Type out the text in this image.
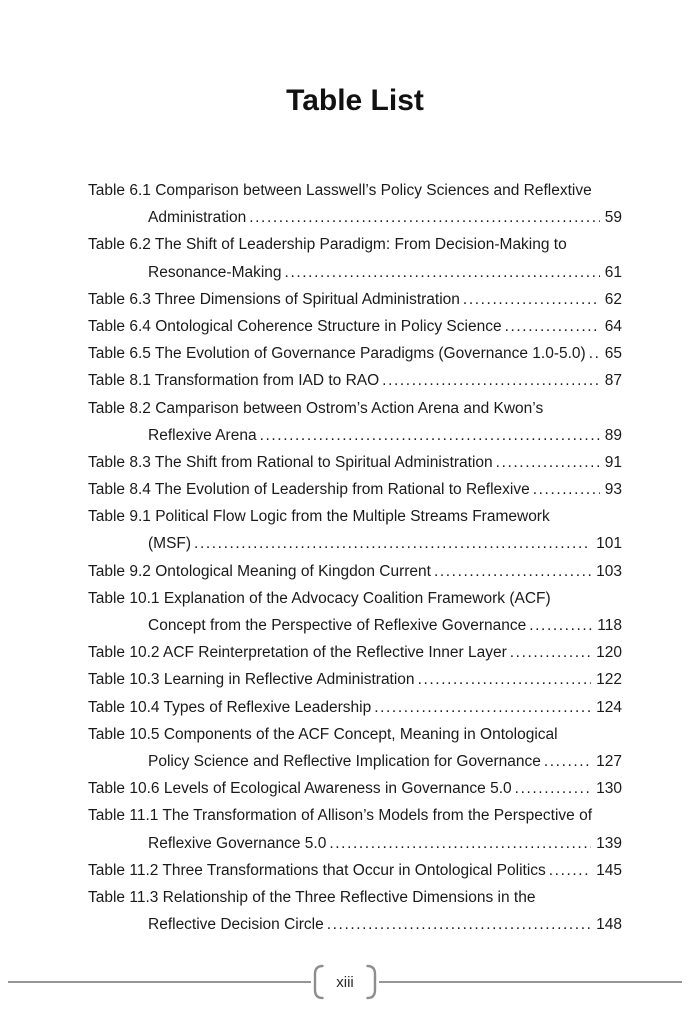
Table List
Table 6.1 Comparison between Lasswell’s Policy Sciences and Reflextive
Administration .....	59
Table 6.2 The Shift of Leadership Paradigm: From Decision-Making to
Resonance-Making .....	61
Table 6.3 Three Dimensions of Spiritual Administration .....	62
Table 6.4 Ontological Coherence Structure in Policy Science .....	64
Table 6.5 The Evolution of Governance Paradigms (Governance 1.0-5.0) ..... 65
Table 8.1 Transformation from IAD to RAO .....	87
Table 8.2 Camparison between Ostrom’s Action Arena and Kwon’s
Reflexive Arena .....	89
Table 8.3 The Shift from Rational to Spiritual Administration .....	91
Table 8.4 The Evolution of Leadership from Rational to Reflexive .....	93
Table 9.1 Political Flow Logic from the Multiple Streams Framework
(MSF) .....	101
Table 9.2 Ontological Meaning of Kingdon Current .....	103
Table 10.1 Explanation of the Advocacy Coalition Framework (ACF)
Concept from the Perspective of Reflexive Governance .....	118
Table 10.2 ACF Reinterpretation of the Reflective Inner Layer .....	120
Table 10.3 Learning in Reflective Administration .....	122
Table 10.4 Types of Reflexive Leadership .....	124
Table 10.5 Components of the ACF Concept, Meaning in Ontological
Policy Science and Reflective Implication for Governance .....	127
Table 10.6 Levels of Ecological Awareness in Governance 5.0 .....	130
Table 11.1 The Transformation of Allison’s Models from the Perspective of
Reflexive Governance 5.0 .....	139
Table 11.2 Three Transformations that Occur in Ontological Politics .....	145
Table 11.3 Relationship of the Three Reflective Dimensions in the
Reflective Decision Circle .....	148
xiii
